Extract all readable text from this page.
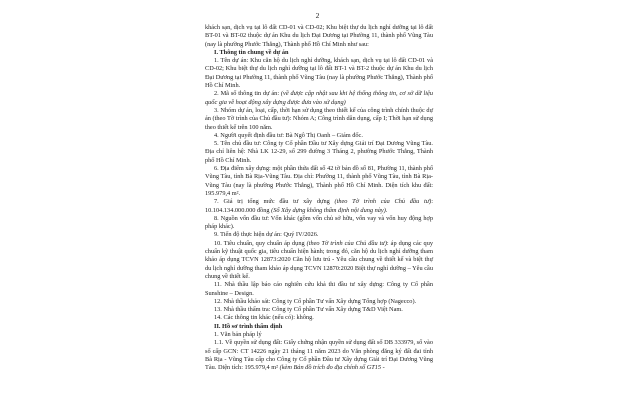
2

khách sạn, dịch vụ tại lô đất CD-01 và CD-02; Khu biệt thự du lịch nghỉ dưỡng tại lô đất BT-01 và BT-02 thuộc dự án Khu du lịch Đại Dương tại Phường 11, thành phố Vũng Tàu (nay là phường Phước Thắng), Thành phố Hồ Chí Minh như sau:

I. Thông tin chung về dự án

1. Tên dự án: Khu căn hộ du lịch nghỉ dưỡng, khách sạn, dịch vụ tại lô đất CD-01 và CD-02; Khu biệt thự du lịch nghỉ dưỡng tại lô đất BT-1 và BT-2 thuộc dự án Khu du lịch Đại Dương tại Phường 11, thành phố Vũng Tàu (nay là phường Phước Thắng), Thành phố Hồ Chí Minh.

2. Mã số thông tin dự án: (về được cập nhật sau khi hệ thống thông tin, cơ sở dữ liệu quốc gia về hoạt động xây dựng được đưa vào sử dụng)

3. Nhóm dự án, loại, cấp, thời hạn sử dụng theo thiết kế của công trình chính thuộc dự án (theo Tờ trình của Chủ đầu tư): Nhóm A; Công trình dân dụng, cấp I; Thời hạn sử dụng theo thiết kế trên 100 năm.

4. Người quyết định đầu tư: Bà Ngô Thị Oanh – Giám đốc.

5. Tên chủ đầu tư: Công ty Cổ phần Đầu tư Xây dựng Giải trí Đại Dương Vũng Tàu. Địa chỉ liên hệ: Nhà LK 12-29, số 299 đường 3 Tháng 2, phường Phước Thắng, Thành phố Hồ Chí Minh.

6. Địa điểm xây dựng: một phần thửa đất số 42 tờ bản đồ số 81, Phường 11, thành phố Vũng Tàu, tỉnh Bà Rịa-Vũng Tàu. Địa chỉ: Phường 11, thành phố Vũng Tàu, tỉnh Bà Rịa-Vũng Tàu (nay là phường Phước Thắng), Thành phố Hồ Chí Minh. Diện tích khu đất: 195.979,4 m².

7. Giá trị tổng mức đầu tư xây dựng (theo Tờ trình của Chủ đầu tư): 10.104.134.000.000 đồng (Số Xây dựng không thẩm định nội dung này).

8. Nguồn vốn đầu tư: Vốn khác (gồm vốn chủ sở hữu, vốn vay và vốn huy động hợp pháp khác).

9. Tiến độ thực hiện dự án: Quý IV/2026.

10. Tiêu chuẩn, quy chuẩn áp dụng (theo Tờ trình của Chủ đầu tư): áp dụng các quy chuẩn kỹ thuật quốc gia, tiêu chuẩn hiện hành; trong đó, căn hộ du lịch nghỉ dưỡng tham khảo áp dụng TCVN 12873:2020 Căn hộ lưu trú - Yêu cầu chung về thiết kế và biệt thự du lịch nghỉ dưỡng tham khảo áp dụng TCVN 12870:2020 Biệt thự nghỉ dưỡng – Yêu cầu chung về thiết kế.

11. Nhà thầu lập báo cáo nghiên cứu khả thi đầu tư xây dựng: Công ty Cổ phần Sunshine – Design.

12. Nhà thầu khảo sát: Công ty Cổ phần Tư vấn Xây dựng Tổng hợp (Nagecco).

13. Nhà thầu thẩm tra: Công ty Cổ phần Tư vấn Xây dựng T&D Việt Nam.

14. Các thông tin khác (nếu có): không.

II. Hồ sơ trình thẩm định

1. Văn bản pháp lý

1.1. Về quyền sử dụng đất: Giấy chứng nhận quyền sử dụng đất số DB 333979, số vào sổ cấp GCN: CT 14226 ngày 21 tháng 11 năm 2023 do Văn phòng đăng ký đất đai tỉnh Bà Rịa - Vũng Tàu cấp cho Công ty Cổ phần Đầu tư Xây dựng Giải trí Đại Dương Vũng Tàu. Diện tích: 195.979,4 m² (kèm Bản đồ trích đo địa chính số GT15 -
